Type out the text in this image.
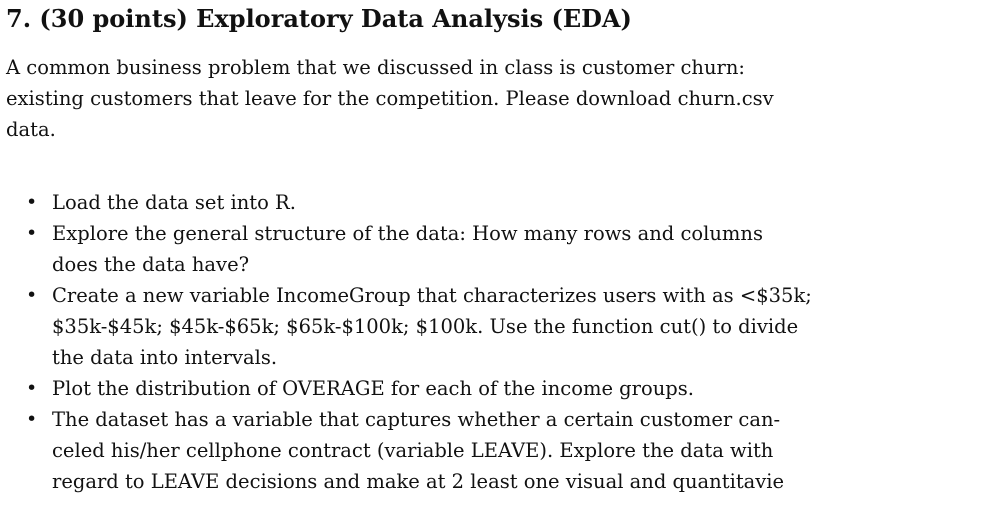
7. (30 points) Exploratory Data Analysis (EDA)
A common business problem that we discussed in class is customer churn:
existing customers that leave for the competition. Please download churn.csv
data.
• Load the data set into R.
• Explore the general structure of the data: How many rows and columns
does the data have?
• Create a new variable IncomeGroup that characterizes users with as <$35k;
$35k-$45k; $45k-$65k; $65k-$100k; $100k. Use the function cut() to divide
the data into intervals.
• Plot the distribution of OVERAGE for each of the income groups.
• The dataset has a variable that captures whether a certain customer can-
celed his/her cellphone contract (variable LEAVE). Explore the data with
regard to LEAVE decisions and make at 2 least one visual and quantitavie
